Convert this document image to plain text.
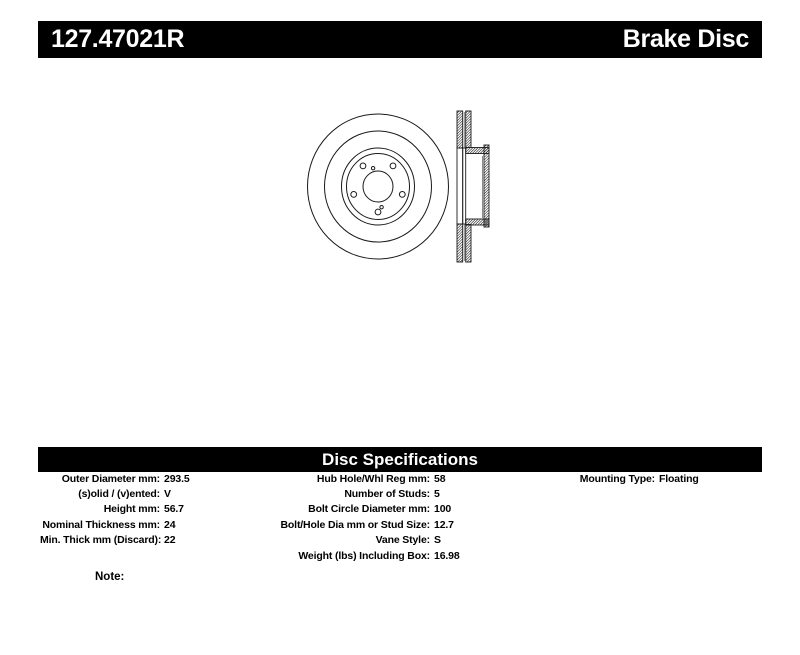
127.47021R	Brake Disc
Disc Specifications
Outer Diameter mm: 293.5
(s)olid / (v)ented: V
Height mm: 56.7
Nominal Thickness mm: 24
Min. Thick mm (Discard): 22
Hub Hole/Whl Reg mm: 58
Number of Studs: 5
Bolt Circle Diameter mm: 100
Bolt/Hole Dia mm or Stud Size: 12.7
Vane Style: S
Weight (lbs) Including Box: 16.98
Mounting Type: Floating
Note:
